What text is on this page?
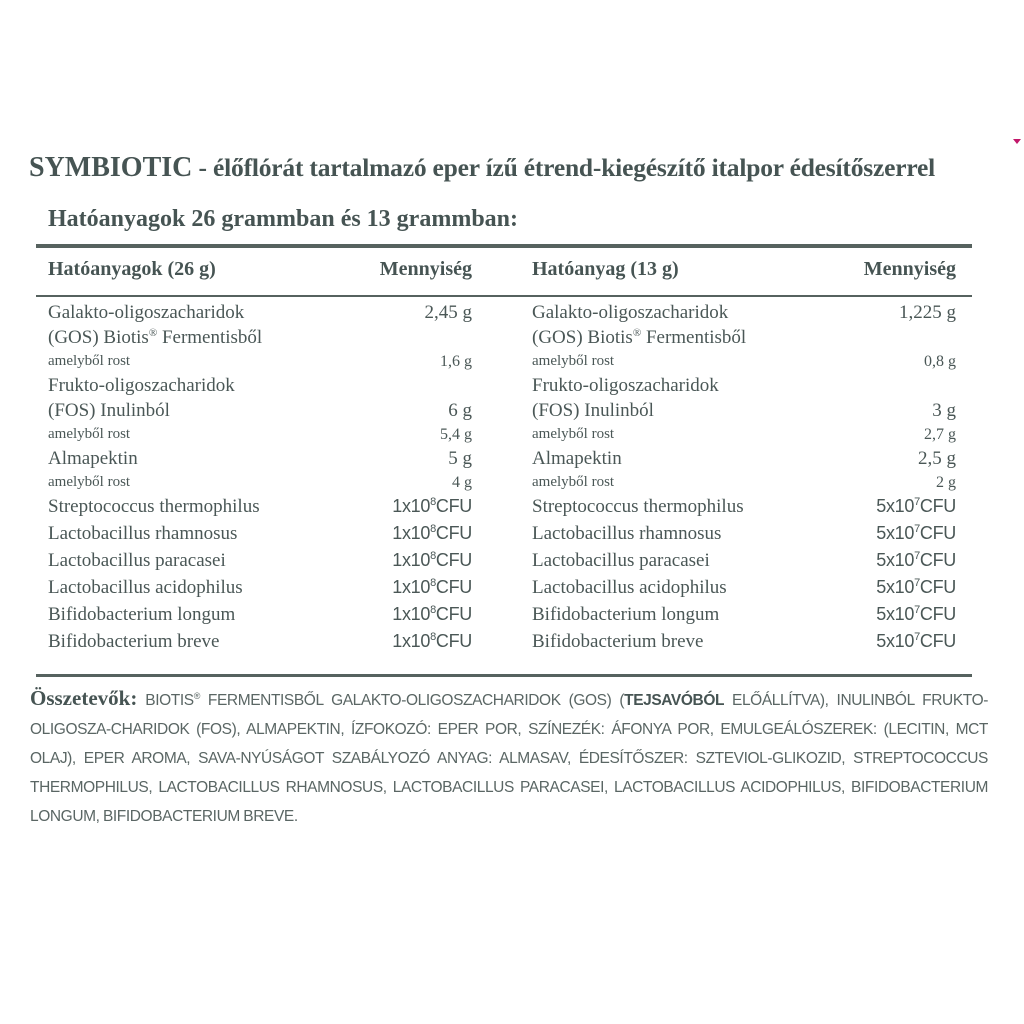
SYMBIOTIC - élőflórát tartalmazó eper ízű étrend-kiegészítő italpor édesítőszerrel
Hatóanyagok 26 grammban és 13 grammban:
Hatóanyagok (26 g)	Mennyiség
Galakto-oligoszacharidok	2,45 g
(GOS) Biotis® Fermentisből
amelyből rost	1,6 g
Frukto-oligoszacharidok
(FOS) Inulinból	6 g
amelyből rost	5,4 g
Almapektin	5 g
amelyből rost	4 g
Streptococcus thermophilus	$1x10^8CFU$
Lactobacillus rhamnosus	$1x10^8CFU$
Lactobacillus paracasei	$1x10^8CFU$
Lactobacillus acidophilus	$1x10^8CFU$
Bifidobacterium longum	$1x10^8CFU$
Bifidobacterium breve	$1x10^8CFU$
Hatóanyag (13 g)	Mennyiség
Galakto-oligoszacharidok	1,225 g
(GOS) Biotis® Fermentisből
amelyből rost	0,8 g
Frukto-oligoszacharidok
(FOS) Inulinból	3 g
amelyből rost	2,7 g
Almapektin	2,5 g
amelyből rost	2 g
Streptococcus thermophilus	$5x10^7CFU$
Lactobacillus rhamnosus	$5x10^7CFU$
Lactobacillus paracasei	$5x10^7CFU$
Lactobacillus acidophilus	$5x10^7CFU$
Bifidobacterium longum	$5x10^7CFU$
Bifidobacterium breve	$5x10^7CFU$
Összetevők: BIOTIS® FERMENTISBŐL GALAKTO-OLIGOSZACHARIDOK (GOS) (TEJSAVÓBÓL ELŐÁLLÍTVA), INULINBÓL FRUKTO-OLIGOSZA-CHARIDOK (FOS), ALMAPEKTIN, ÍZFOKOZÓ: EPER POR, SZÍNEZÉK: ÁFONYA POR, EMULGEÁLÓSZEREK: (LECITIN, MCT OLAJ), EPER AROMA, SAVA-NYÚSÁGOT SZABÁLYOZÓ ANYAG: ALMASAV, ÉDESÍTŐSZER: SZTEVIOL-GLIKOZID, STREPTOCOCCUS THERMOPHILUS, LACTOBACILLUS RHAMNOSUS, LACTOBACILLUS PARACASEI, LACTOBACILLUS ACIDOPHILUS, BIFIDOBACTERIUM LONGUM, BIFIDOBACTERIUM BREVE.
